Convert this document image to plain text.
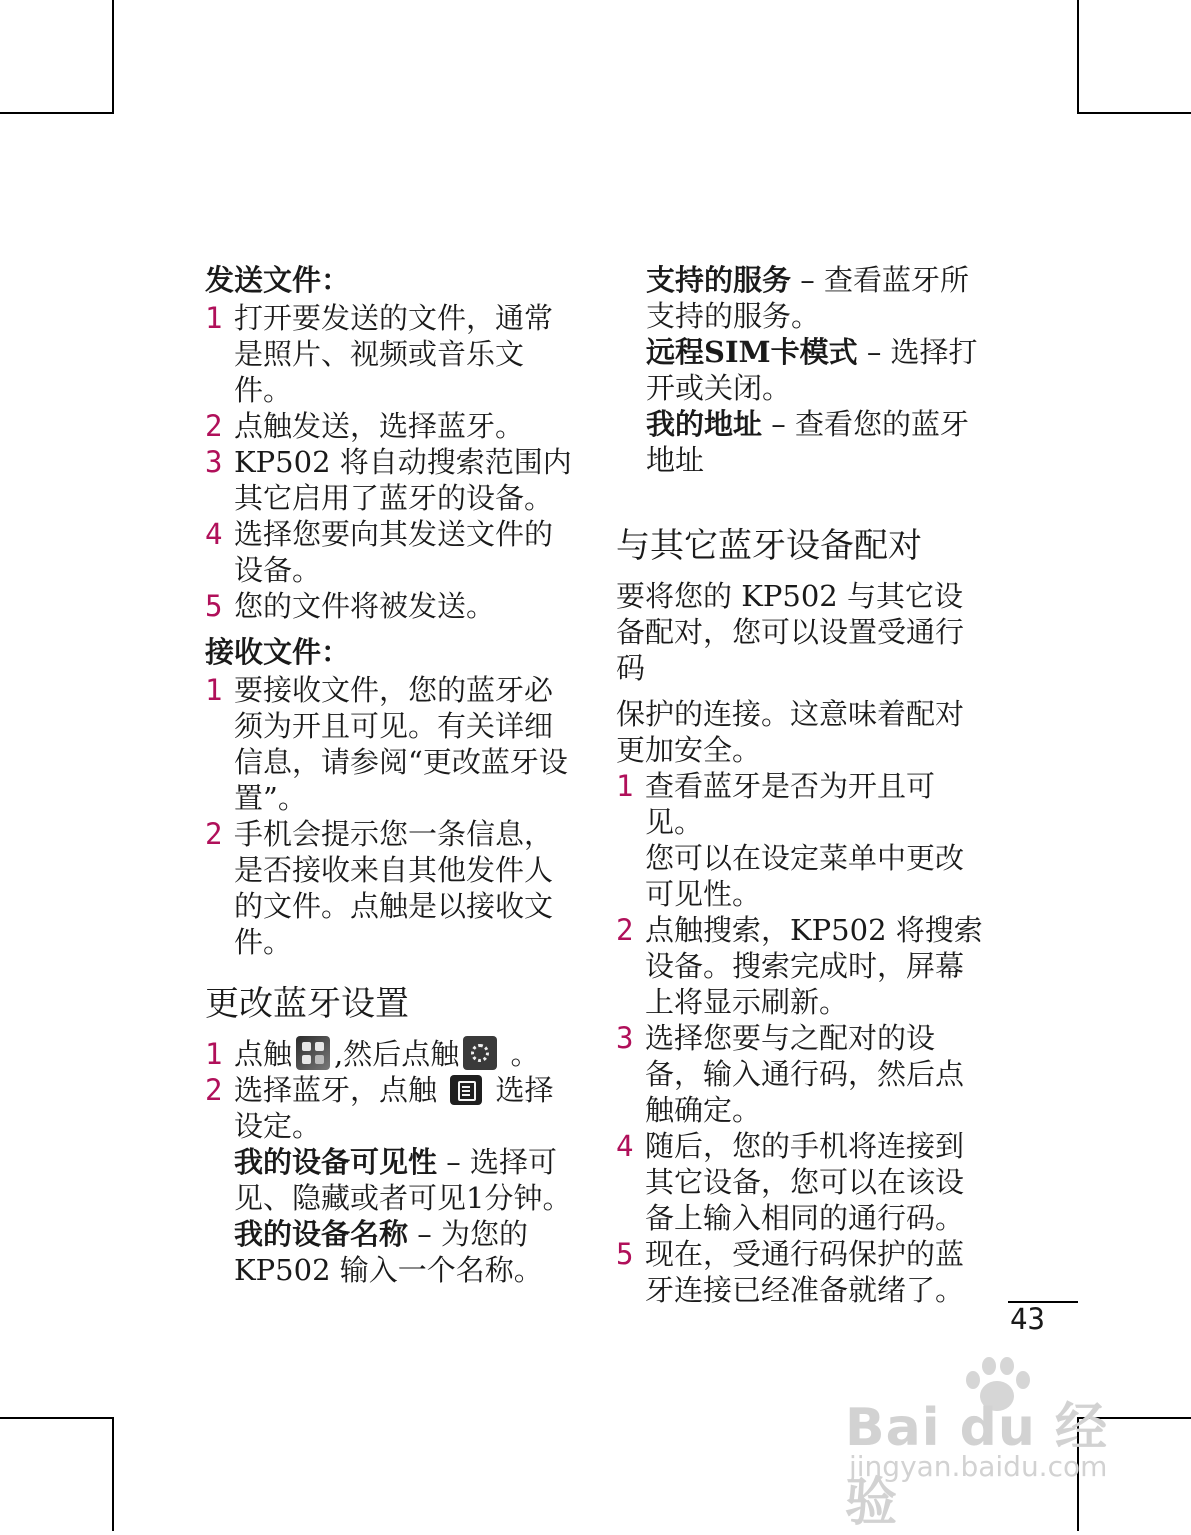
发送文件：

1 打开要发送的文件，通常是照片、视频或音乐文件。

2 点触发送，选择蓝牙。

3 KP502 将自动搜索范围内其它启用了蓝牙的设备。

4 选择您要向其发送文件的设备。

5 您的文件将被发送。

接收文件：

1 要接收文件，您的蓝牙必须为开且可见。有关详细信息，请参阅“更改蓝牙设置”。

2 手机会提示您一条信息，是否接收来自其他发件人的文件。点触是以接收文件。

更改蓝牙设置

1 点触 ,然后点触 。

2 选择蓝牙，点触 选择设定。

我的设备可见性 – 选择可见、隐藏或者可见1分钟。

我的设备名称 – 为您的 KP502 输入一个名称。

支持的服务 – 查看蓝牙所支持的服务。

远程SIM卡模式 – 选择打开或关闭。

我的地址 – 查看您的蓝牙地址

与其它蓝牙设备配对

要将您的 KP502 与其它设备配对，您可以设置受通行码

保护的连接。这意味着配对更加安全。

1 查看蓝牙是否为开且可见。

您可以在设定菜单中更改可见性。

2 点触搜索，KP502 将搜索设备。搜索完成时，屏幕上将显示刷新。

3 选择您要与之配对的设备，输入通行码，然后点触确定。

4 随后，您的手机将连接到其它设备，您可以在该设备上输入相同的通行码。

5 现在，受通行码保护的蓝牙连接已经准备就绪了。

43
Bai du 经验
jingyan.baidu.com
